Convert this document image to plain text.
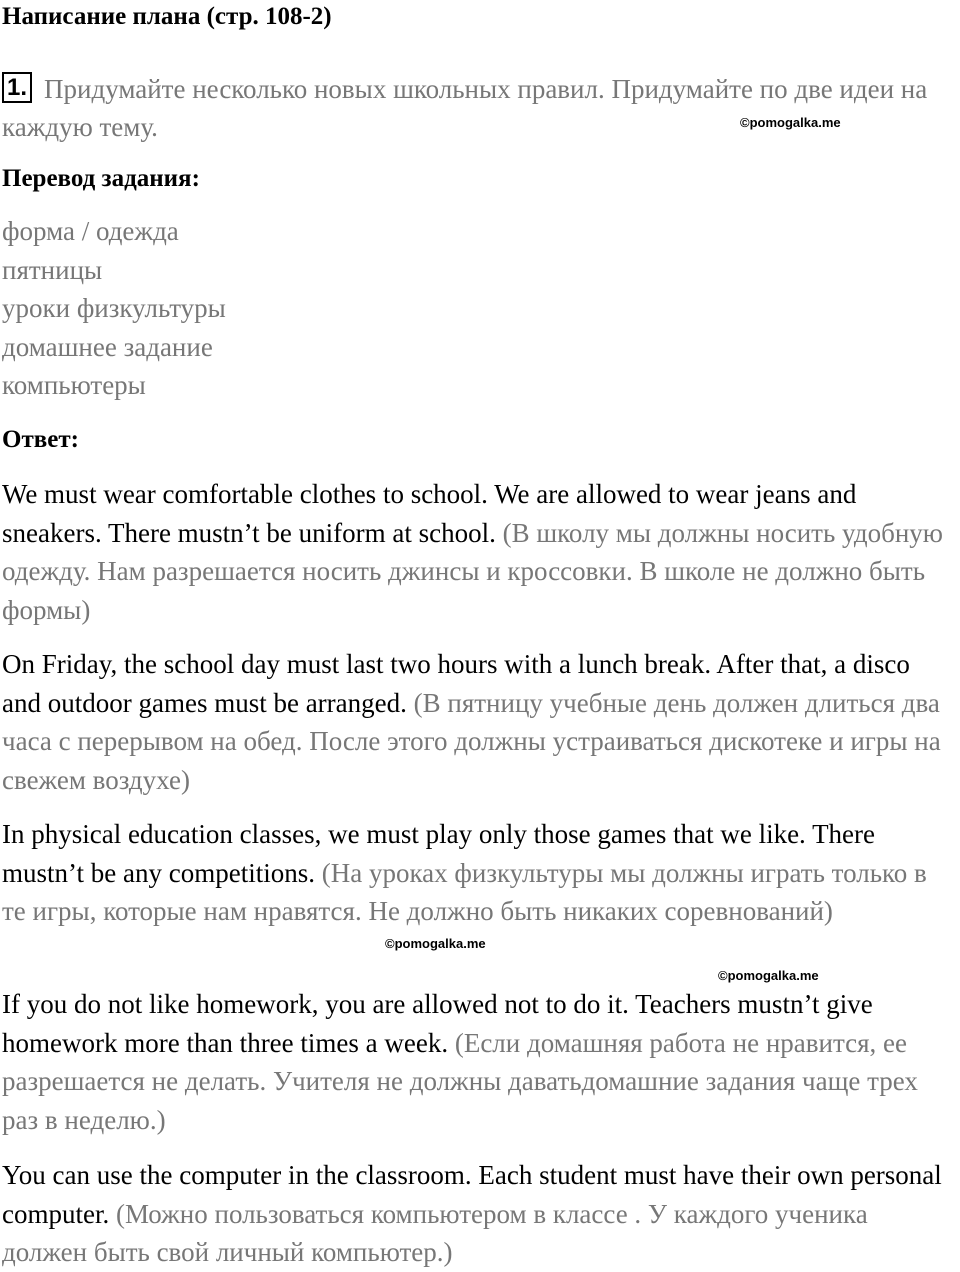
Написание плана (стр. 108-2)
1. Придумайте несколько новых школьных правил. Придумайте по две идеи на каждую тему.	©pomogalka.me
Перевод задания:
форма / одежда
пятницы
уроки физкультуры
домашнее задание
компьютеры
Ответ:
We must wear comfortable clothes to school. We are allowed to wear jeans and sneakers. There mustn’t be uniform at school. (В школу мы должны носить удобную одежду. Нам разрешается носить джинсы и кроссовки. В школе не должно быть формы)
On Friday, the school day must last two hours with a lunch break. After that, a disco and outdoor games must be arranged. (В пятницу учебные день должен длиться два часа с перерывом на обед. После этого должны устраиваться дискотеке и игры на свежем воздухе)
In physical education classes, we must play only those games that we like. There mustn’t be any competitions. (На уроках физкультуры мы должны играть только в те игры, которые нам нравятся. Не должно быть никаких соревнований)
©pomogalka.me
©pomogalka.me
If you do not like homework, you are allowed not to do it. Teachers mustn’t give homework more than three times a week. (Если домашняя работа не нравится, ее разрешается не делать. Учителя не должны даватьдомашние задания чаще трех раз в неделю.)
You can use the computer in the classroom. Each student must have their own personal computer. (Можно пользоваться компьютером в классе . У каждого ученика должен быть свой личный компьютер.)
